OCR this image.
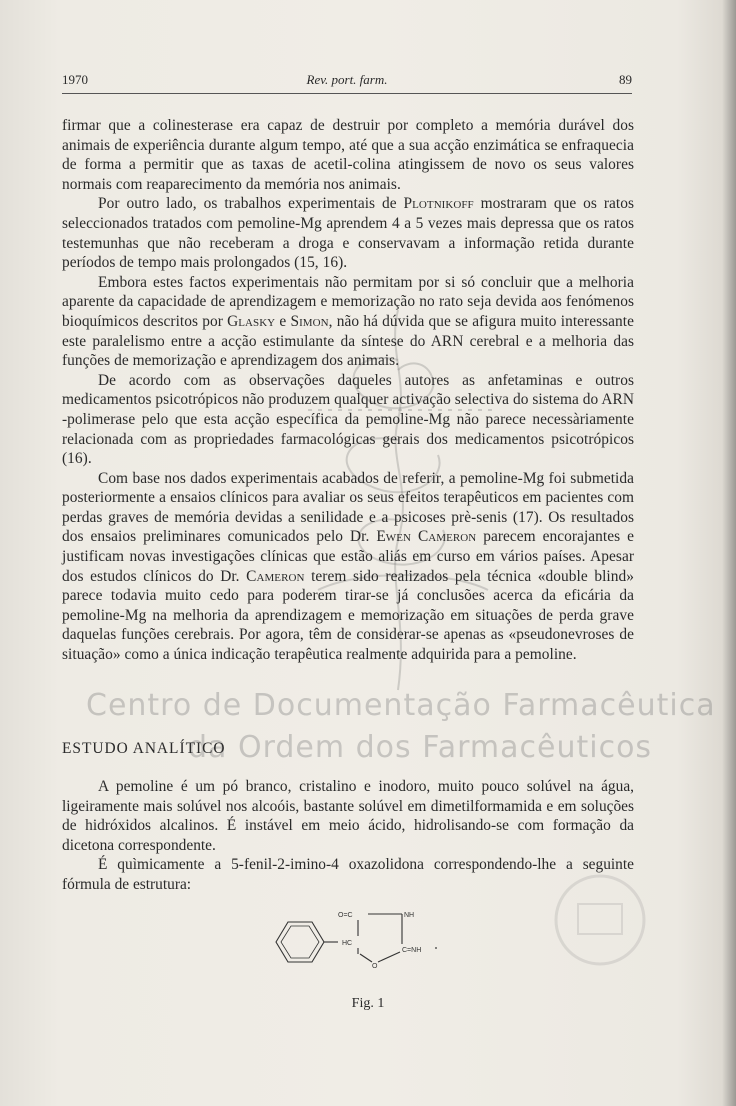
1970	Rev. port. farm.	89

firmar que a colinesterase era capaz de destruir por completo a memória durável dos animais de experiência durante algum tempo, até que a sua acção enzimática se enfraquecia de forma a permitir que as taxas de acetil-colina atingissem de novo os seus valores normais com reaparecimento da memória nos animais.

Por outro lado, os trabalhos experimentais de Plotnikoff mostraram que os ratos seleccionados tratados com pemoline-Mg aprendem 4 a 5 vezes mais depressa que os ratos testemunhas que não receberam a droga e conservavam a informação retida durante períodos de tempo mais prolongados (15, 16).

Embora estes factos experimentais não permitam por si só concluir que a melhoria aparente da capacidade de aprendizagem e memorização no rato seja devida aos fenómenos bioquímicos descritos por Glasky e Simon, não há dúvida que se afigura muito interessante este paralelismo entre a acção estimulante da síntese do ARN cerebral e a melhoria das funções de memorização e aprendizagem dos animais.

De acordo com as observações daqueles autores as anfetaminas e outros medicamentos psicotrópicos não produzem qualquer activação selectiva do sistema do ARN -polimerase pelo que esta acção específica da pemoline-Mg não parece necessàriamente relacionada com as propriedades farmacológicas gerais dos medicamentos psicotrópicos (16).

Com base nos dados experimentais acabados de referir, a pemoline-Mg foi submetida posteriormente a ensaios clínicos para avaliar os seus efeitos terapêuticos em pacientes com perdas graves de memória devidas a senilidade e a psicoses prè-senis (17). Os resultados dos ensaios preliminares comunicados pelo Dr. Ewen Cameron parecem encorajantes e justificam novas investigações clínicas que estão aliás em curso em vários países. Apesar dos estudos clínicos do Dr. Cameron terem sido realizados pela técnica «double blind» parece todavia muito cedo para poderem tirar-se já conclusões acerca da eficária da pemoline-Mg na melhoria da aprendizagem e memorização em situações de perda grave daquelas funções cerebrais. Por agora, têm de considerar-se apenas as «pseudonevroses de situação» como a única indicação terapêutica realmente adquirida para a pemoline.

Centro de Documentação Farmacêutica
da Ordem dos Farmacêuticos
ESTUDO ANALÍTICO

A pemoline é um pó branco, cristalino e inodoro, muito pouco solúvel na água, ligeiramente mais solúvel nos alcoóis, bastante solúvel em dimetilformamida e em soluções de hidróxidos alcalinos. É instável em meio ácido, hidrolisando-se com formação da dicetona correspondente.

É quìmicamente a 5-fenil-2-imino-4 oxazolidona correspondendo-lhe a seguinte fórmula de estrutura:

O=C	NH
HC
C=NH
O
Fig. 1
